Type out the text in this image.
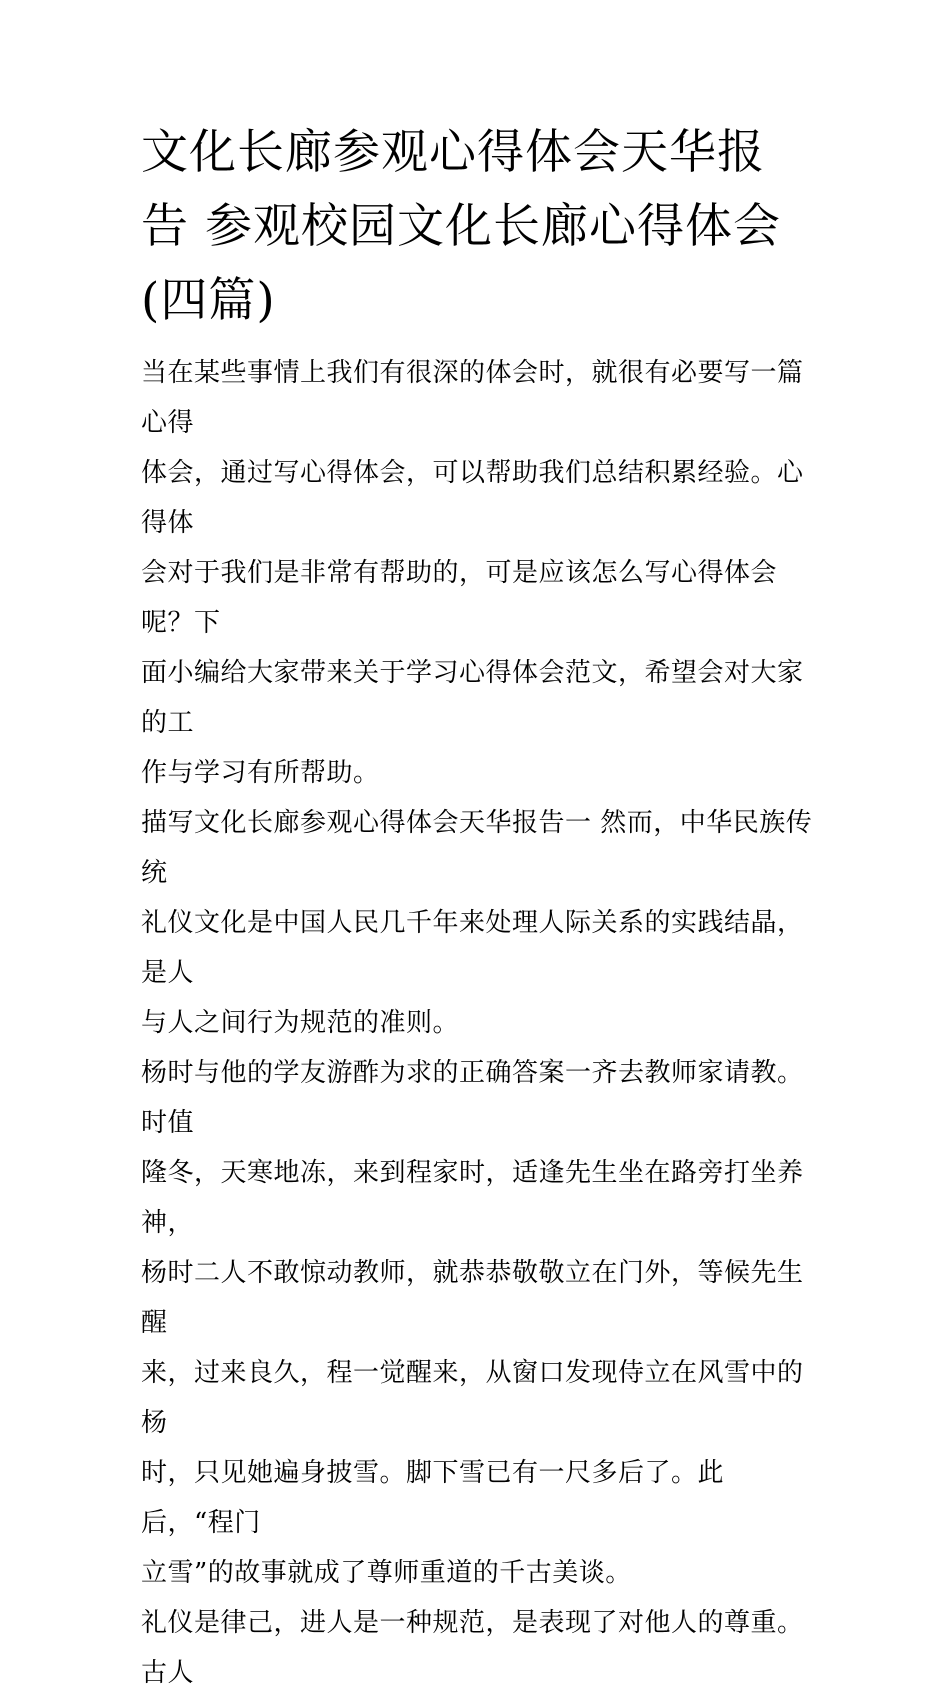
文化长廊参观心得体会天华报
告 参观校园文化长廊心得体会
(四篇)

当在某些事情上我们有很深的体会时，就很有必要写一篇心得
体会，通过写心得体会，可以帮助我们总结积累经验。心得体
会对于我们是非常有帮助的，可是应该怎么写心得体会呢？下
面小编给大家带来关于学习心得体会范文，希望会对大家的工
作与学习有所帮助。

描写文化长廊参观心得体会天华报告一 然而，中华民族传统
礼仪文化是中国人民几千年来处理人际关系的实践结晶，是人
与人之间行为规范的准则。

杨时与他的学友游酢为求的正确答案一齐去教师家请教。时值
隆冬，天寒地冻，来到程家时，适逢先生坐在路旁打坐养神，
杨时二人不敢惊动教师，就恭恭敬敬立在门外，等候先生醒
来，过来良久，程一觉醒来，从窗口发现侍立在风雪中的杨
时，只见她遍身披雪。脚下雪已有一尺多后了。此后，“程门
立雪”的故事就成了尊师重道的千古美谈。

礼仪是律己，进人是一种规范，是表现了对他人的尊重。古人
